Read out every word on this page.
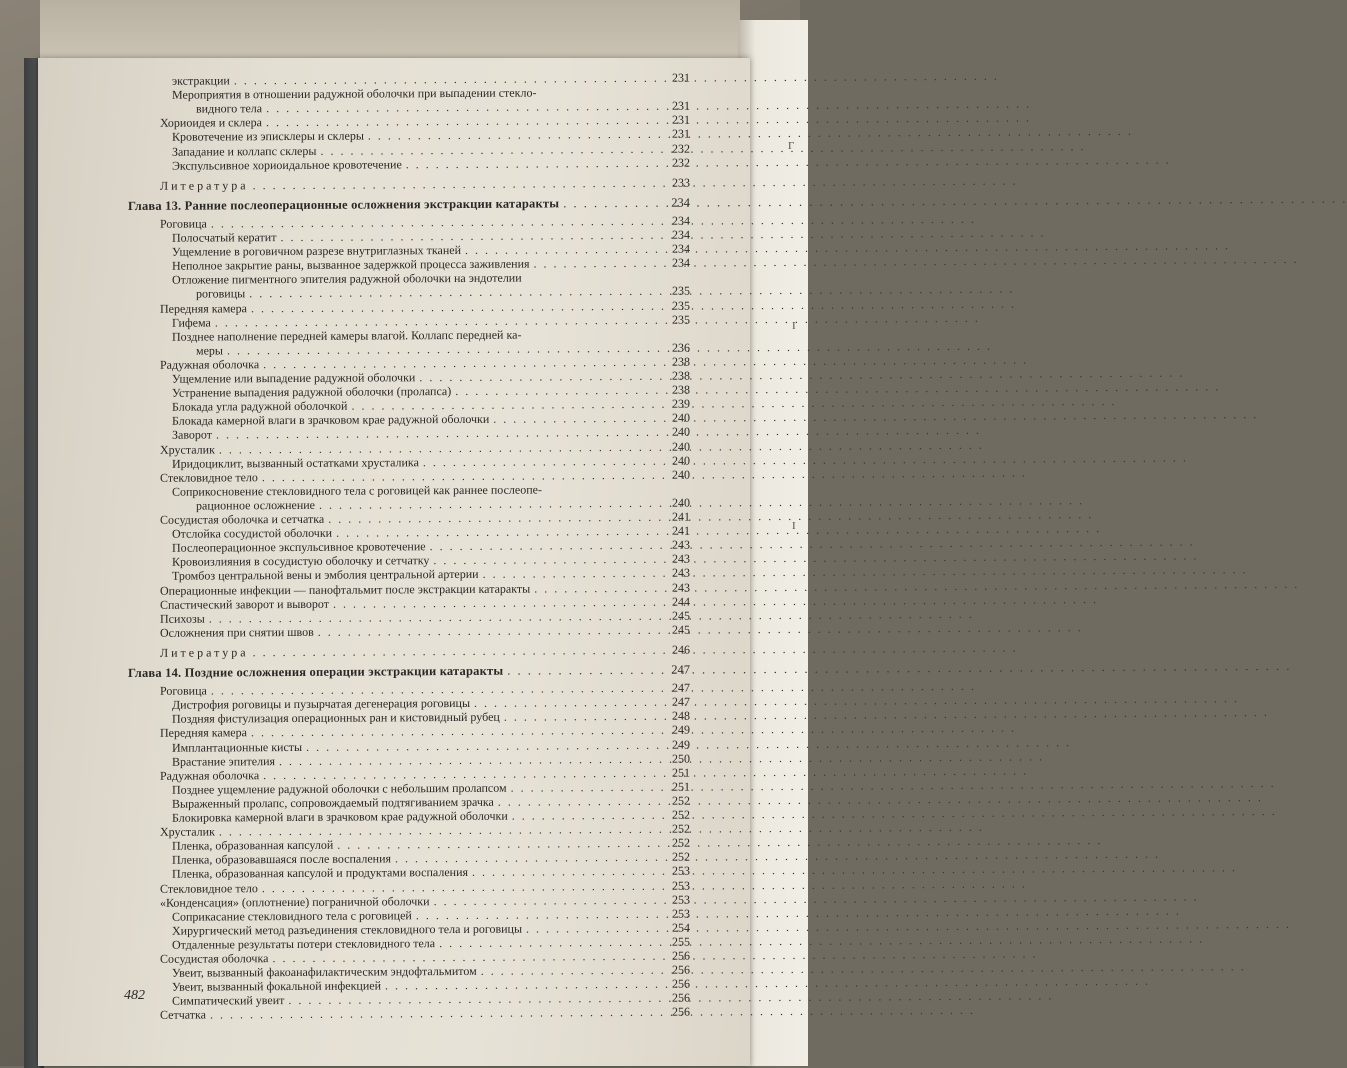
Г
I
I
экстракции . . .	231
Мероприятия в отношении радужной оболочки при выпадении стекло-
видного тела . . .	231
Хориоидея и склера . . .	231
Кровотечение из эписклеры и склеры . . .	231
Западание и коллапс склеры . . .	232
Экспульсивное хориоидальное кровотечение . . .	232
Литература . . .	233
Глава 13. Ранние послеоперационные осложнения экстракции катаракты . . .	234
Роговица . . .	234
Полосчатый кератит . . .	234
Ущемление в роговичном разрезе внутриглазных тканей . . .	234
Неполное закрытие раны, вызванное задержкой процесса заживления . . .	234
Отложение пигментного эпителия радужной оболочки на эндотелии
роговицы . . .	235
Передняя камера . . .	235
Гифема . . .	235
Позднее наполнение передней камеры влагой. Коллапс передней ка-
меры . . .	236
Радужная оболочка . . .	238
Ущемление или выпадение радужной оболочки . . .	238
Устранение выпадения радужной оболочки (пролапса) . . .	238
Блокада угла радужной оболочкой . . .	239
Блокада камерной влаги в зрачковом крае радужной оболочки . . .	240
Заворот . . .	240
Хрусталик . . .	240
Иридоциклит, вызванный остатками хрусталика . . .	240
Стекловидное тело . . .	240
Соприкосновение стекловидного тела с роговицей как раннее послеопе-
рационное осложнение . . .	240
Сосудистая оболочка и сетчатка . . .	241
Отслойка сосудистой оболочки . . .	241
Послеоперационное экспульсивное кровотечение . . .	243
Кровоизлияния в сосудистую оболочку и сетчатку . . .	243
Тромбоз центральной вены и эмболия центральной артерии . . .	243
Операционные инфекции — панофтальмит после экстракции катаракты . . .	243
Спастический заворот и выворот . . .	244
Психозы . . .	245
Осложнения при снятии швов . . .	245
Литература . . .	246
Глава 14. Поздние осложнения операции экстракции катаракты . . .	247
Роговица . . .	247
Дистрофия роговицы и пузырчатая дегенерация роговицы . . .	247
Поздняя фистулизация операционных ран и кистовидный рубец . . .	248
Передняя камера . . .	249
Имплантационные кисты . . .	249
Врастание эпителия . . .	250
Радужная оболочка . . .	251
Позднее ущемление радужной оболочки с небольшим пролапсом . . .	251
Выраженный пролапс, сопровождаемый подтягиванием зрачка . . .	252
Блокировка камерной влаги в зрачковом крае радужной оболочки . . .	252
Хрусталик . . .	252
Пленка, образованная капсулой . . .	252
Пленка, образовавшаяся после воспаления . . .	252
Пленка, образованная капсулой и продуктами воспаления . . .	253
Стекловидное тело . . .	253
«Конденсация» (оплотнение) пограничной оболочки . . .	253
Соприкасание стекловидного тела с роговицей . . .	253
Хирургический метод разъединения стекловидного тела и роговицы . . .	254
Отдаленные результаты потери стекловидного тела . . .	255
Сосудистая оболочка . . .	256
Увеит, вызванный факоанафилактическим эндофтальмитом . . .	256
Увеит, вызванный фокальной инфекцией . . .	256
Симпатический увеит . . .	256
Сетчатка . . .	256
482
